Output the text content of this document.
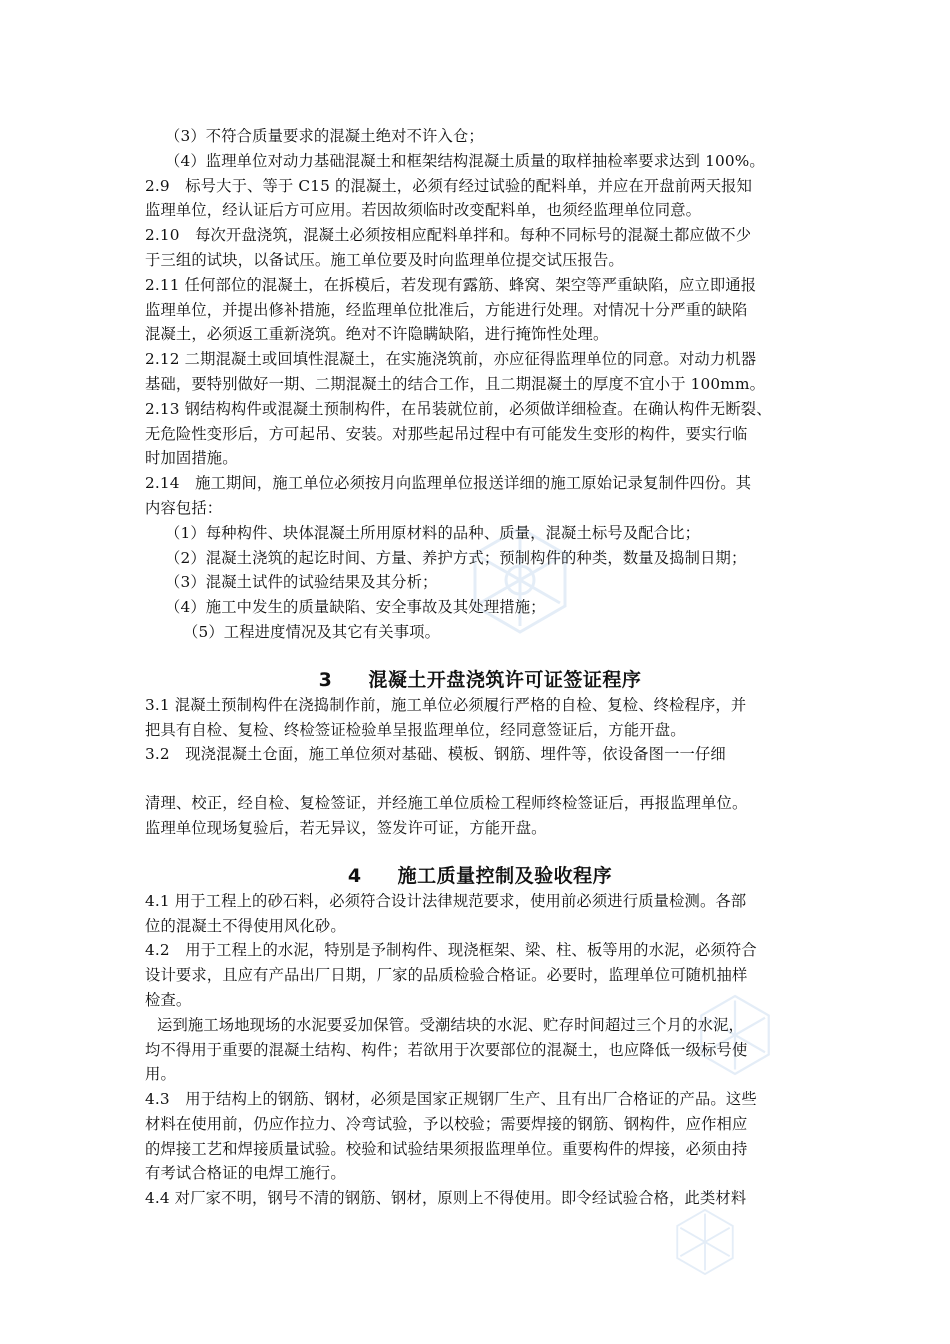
（3）不符合质量要求的混凝土绝对不许入仓；

（4）监理单位对动力基础混凝土和框架结构混凝土质量的取样抽检率要求达到 100%。

2.9　标号大于、等于 C15 的混凝土，必须有经过试验的配料单，并应在开盘前两天报知

监理单位，经认证后方可应用。若因故须临时改变配料单，也须经监理单位同意。

2.10　每次开盘浇筑，混凝土必须按相应配料单拌和。每种不同标号的混凝土都应做不少

于三组的试块，以备试压。施工单位要及时向监理单位提交试压报告。

2.11 任何部位的混凝土，在拆模后，若发现有露筋、蜂窝、架空等严重缺陷，应立即通报

监理单位，并提出修补措施，经监理单位批准后，方能进行处理。对情况十分严重的缺陷

混凝土，必须返工重新浇筑。绝对不许隐瞒缺陷，进行掩饰性处理。

2.12 二期混凝土或回填性混凝土，在实施浇筑前，亦应征得监理单位的同意。对动力机器

基础，要特别做好一期、二期混凝土的结合工作，且二期混凝土的厚度不宜小于 100mm。

2.13 钢结构构件或混凝土预制构件，在吊装就位前，必须做详细检查。在确认构件无断裂、

无危险性变形后，方可起吊、安装。对那些起吊过程中有可能发生变形的构件，要实行临

时加固措施。

2.14　施工期间，施工单位必须按月向监理单位报送详细的施工原始记录复制件四份。其

内容包括：

（1）每种构件、块体混凝土所用原材料的品种、质量，混凝土标号及配合比；

（2）混凝土浇筑的起讫时间、方量、养护方式；预制构件的种类，数量及捣制日期；

（3）混凝土试件的试验结果及其分析；

（4）施工中发生的质量缺陷、安全事故及其处理措施；

（5）工程进度情况及其它有关事项。

3 混凝土开盘浇筑许可证签证程序

3.1 混凝土预制构件在浇捣制作前，施工单位必须履行严格的自检、复检、终检程序，并

把具有自检、复检、终检签证检验单呈报监理单位，经同意签证后，方能开盘。

3.2　现浇混凝土仓面，施工单位须对基础、模板、钢筋、埋件等，依设备图一一仔细

清理、校正，经自检、复检签证，并经施工单位质检工程师终检签证后，再报监理单位。

监理单位现场复验后，若无异议，签发许可证，方能开盘。

4 施工质量控制及验收程序

4.1 用于工程上的砂石料，必须符合设计法律规范要求，使用前必须进行质量检测。各部

位的混凝土不得使用风化砂。

4.2　用于工程上的水泥，特别是予制构件、现浇框架、梁、柱、板等用的水泥，必须符合

设计要求，且应有产品出厂日期，厂家的品质检验合格证。必要时，监理单位可随机抽样

检查。

运到施工场地现场的水泥要妥加保管。受潮结块的水泥、贮存时间超过三个月的水泥，

均不得用于重要的混凝土结构、构件；若欲用于次要部位的混凝土，也应降低一级标号使

用。

4.3　用于结构上的钢筋、钢材，必须是国家正规钢厂生产、且有出厂合格证的产品。这些

材料在使用前，仍应作拉力、冷弯试验，予以校验；需要焊接的钢筋、钢构件，应作相应

的焊接工艺和焊接质量试验。校验和试验结果须报监理单位。重要构件的焊接，必须由持

有考试合格证的电焊工施行。

4.4 对厂家不明，钢号不清的钢筋、钢材，原则上不得使用。即令经试验合格，此类材料
